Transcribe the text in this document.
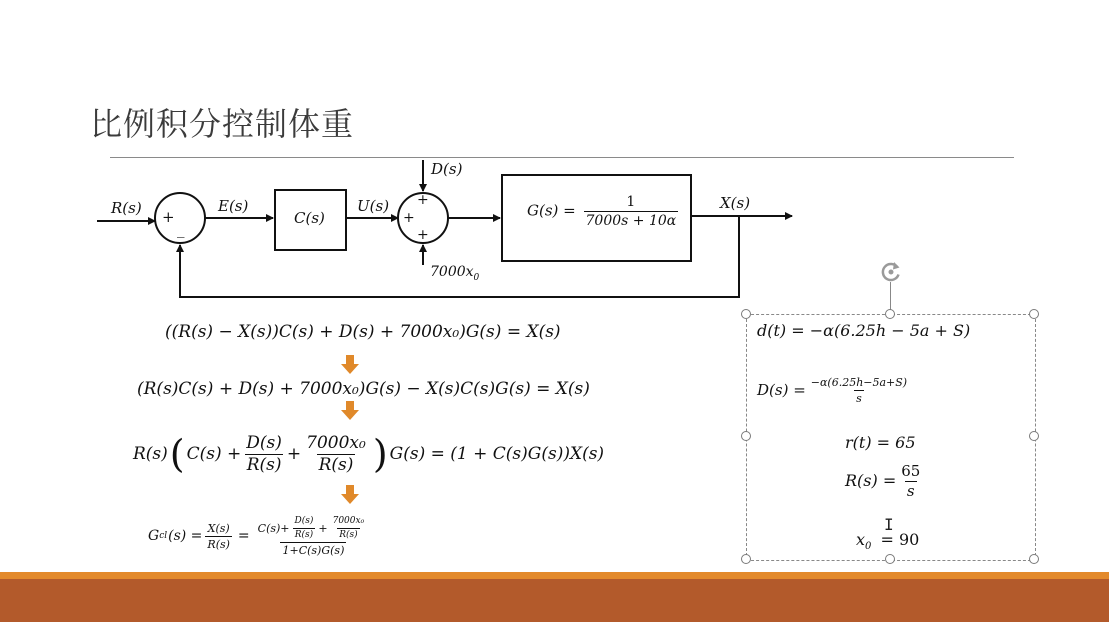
比例积分控制体重
R(s) +
_
E(s)
C(s)
U(s)
D(s)
+
+
+
$7000x_0$
$G(s) = \frac{1}{7000s + 10\alpha}$	X(s)
((R(s) − X(s))C(s) + D(s) + 7000x₀)G(s) = X(s)
(R(s)C(s) + D(s) + 7000x₀)G(s) − X(s)C(s)G(s) = X(s)
R(s) ( $C(s) + \frac{D(s)}{R(s)} + \frac{\text{7000x₀}}{R(s)}$ ) G(s) = (1 + C(s)G(s))X(s)
G cl $(s) = \frac{X(s)}{R(s)} = \frac{C(s)+ \frac{D(s)}{R(s)} + \frac{\text{7000x₀}}{R(s)}}{1+C(s)G(s)}$
d(t) = −α(6.25h − 5a + S)
$D(s) = \frac{-\alpha(6.25h-5a+S)}{s}$
r(t) = 65
$R(s) = \frac{65}{s}$
$x_0 = 90$
I
